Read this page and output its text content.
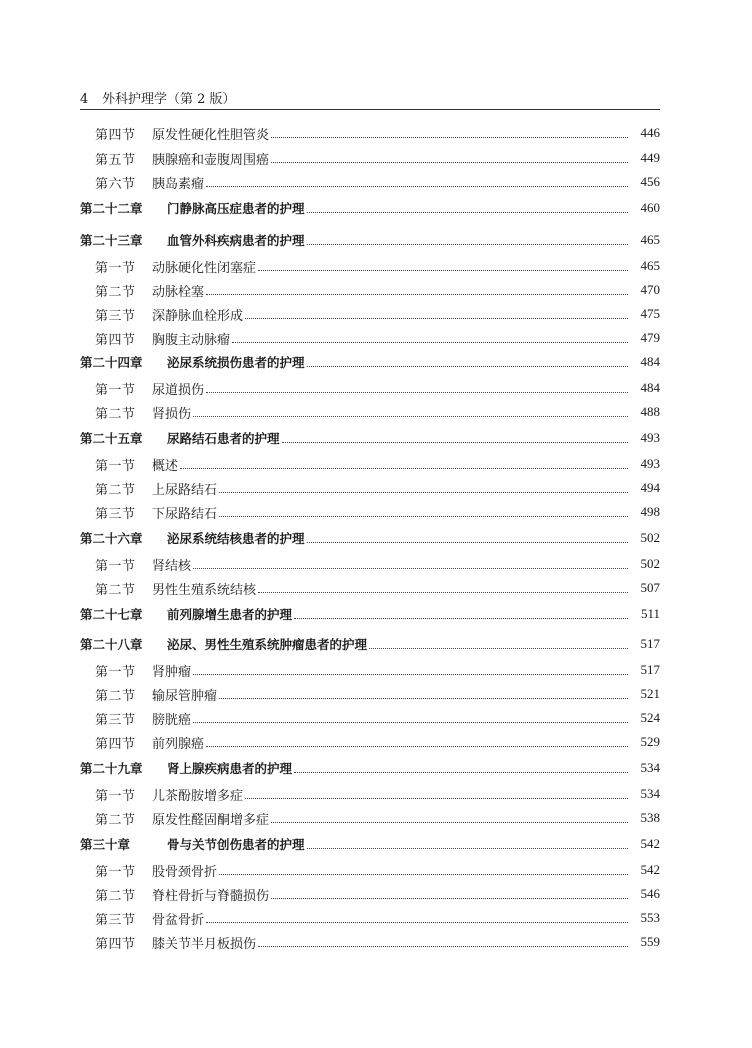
4 外科护理学（第 2 版）
第四节	原发性硬化性胆管炎	446
第五节	胰腺癌和壶腹周围癌	449
第六节	胰岛素瘤	456
第二十二章	门静脉高压症患者的护理	460
第二十三章	血管外科疾病患者的护理	465
第一节	动脉硬化性闭塞症	465
第二节	动脉栓塞	470
第三节	深静脉血栓形成	475
第四节	胸腹主动脉瘤	479
第二十四章	泌尿系统损伤患者的护理	484
第一节	尿道损伤	484
第二节	肾损伤	488
第二十五章	尿路结石患者的护理	493
第一节	概述	493
第二节	上尿路结石	494
第三节	下尿路结石	498
第二十六章	泌尿系统结核患者的护理	502
第一节	肾结核	502
第二节	男性生殖系统结核	507
第二十七章	前列腺增生患者的护理	511
第二十八章	泌尿、男性生殖系统肿瘤患者的护理	517
第一节	肾肿瘤	517
第二节	输尿管肿瘤	521
第三节	膀胱癌	524
第四节	前列腺癌	529
第二十九章	肾上腺疾病患者的护理	534
第一节	儿茶酚胺增多症	534
第二节	原发性醛固酮增多症	538
第三十章	骨与关节创伤患者的护理	542
第一节	股骨颈骨折	542
第二节	脊柱骨折与脊髓损伤	546
第三节	骨盆骨折	553
第四节	膝关节半月板损伤	559
